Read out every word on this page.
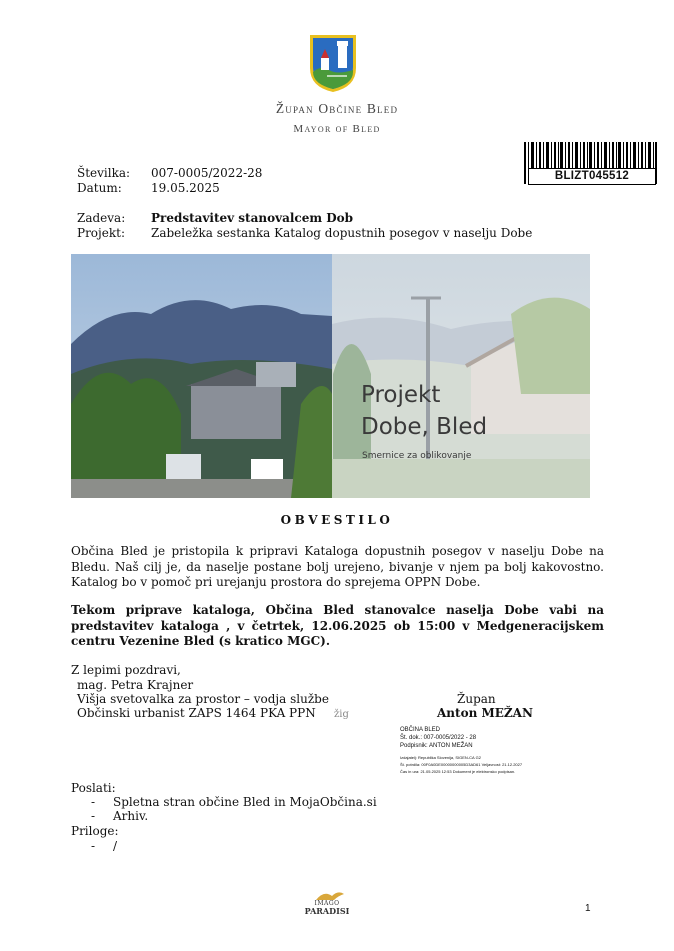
Župan Občine Bled
Mayor of Bled
BLIZT045512
Številka: 007-0005/2022-28
Datum: 19.05.2025
Zadeva: Predstavitev stanovalcem Dob
Projekt: Zabeležka sestanka Katalog dopustnih posegov v naselju Dobe
Projekt
Dobe, Bled
Smernice za oblikovanje
OBVESTILO
Občina Bled je pristopila k pripravi Kataloga dopustnih posegov v naselju Dobe na Bledu. Naš cilj je, da naselje postane bolj urejeno, bivanje v njem pa bolj kakovostno. Katalog bo v pomoč pri urejanju prostora do sprejema OPPN Dobe.
Tekom priprave kataloga, Občina Bled stanovalce naselja Dobe vabi na predstavitev kataloga , v četrtek, 12.06.2025 ob 15:00 v Medgeneracijskem centru Vezenine Bled (s kratico MGC).
Z lepimi pozdravi,
mag. Petra Krajner
Višja svetovalka za prostor – vodja službe
Občinski urbanist ZAPS 1464 PKA PPN žig
Župan
Anton MEŽAN
OBČINA BLED
Št. dok.: 007-0005/2022 - 28
Podpisnik: ANTON MEŽAN
Izdajatelj: Republika Slovenija, SIGEN-CA G2
Št. potrdila: 00F0A0DE00000000005D3AD61 Veljavnost: 21.12.2027
Čas in ura: 21.05.2025 12:53 Dokument je elektronsko podpisan.
Poslati:
- Spletna stran občine Bled in MojaObčina.si
- Arhiv.
Priloge:
- /
IMAGO
PARADISI	1
